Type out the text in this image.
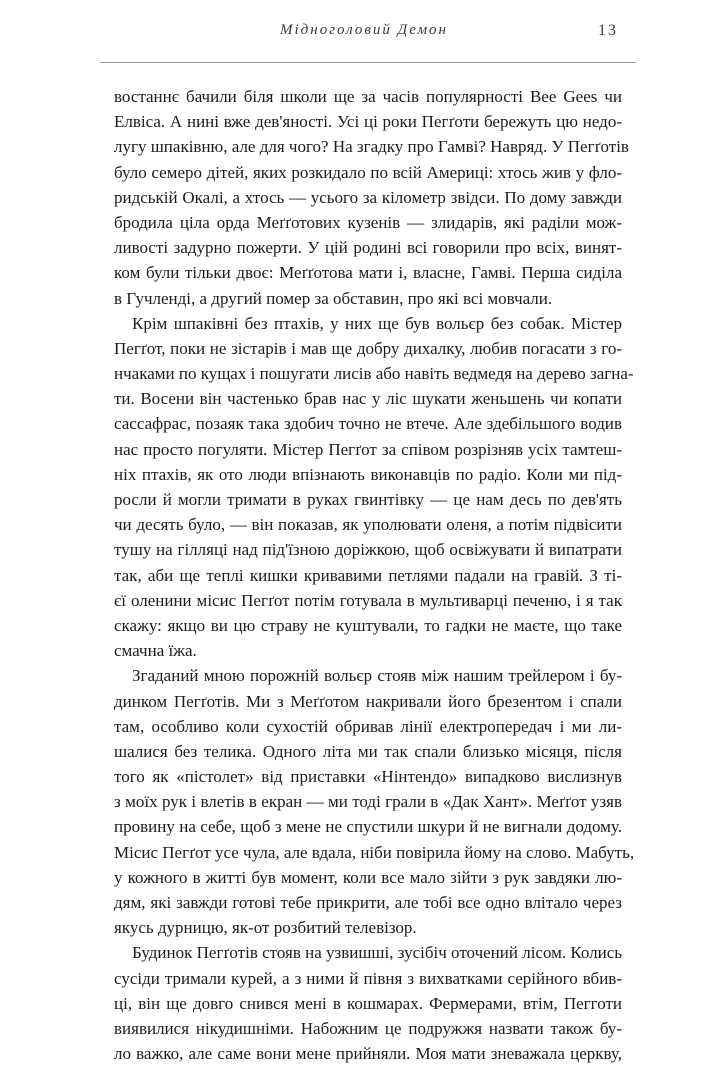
Мідноголовий Демон	13
востаннє бачили біля школи ще за часів популярності Bee Gees чи
Елвіса. А нині вже дев'яності. Усі ці роки Пегґоти бережуть цю недо-
лугу шпаківню, але для чого? На згадку про Гамві? Навряд. У Пегґотів
було семеро дітей, яких розкидало по всій Америці: хтось жив у фло-
ридській Окалі, а хтось — усього за кілометр звідси. По дому завжди
бродила ціла орда Меґґотових кузенів — злидарів, які раділи мож-
ливості задурно пожерти. У цій родині всі говорили про всіх, винят-
ком були тільки двоє: Меґґотова мати і, власне, Гамві. Перша сиділа
в Гучленді, а другий помер за обставин, про які всі мовчали.
Крім шпаківні без птахів, у них ще був вольєр без собак. Містер
Пегґот, поки не зістарів і мав ще добру дихалку, любив погасати з го-
нчаками по кущах і пошугати лисів або навіть ведмедя на дерево загна-
ти. Восени він частенько брав нас у ліс шукати женьшень чи копати
сассафрас, позаяк така здобич точно не втече. Але здебільшого водив
нас просто погуляти. Містер Пегґот за співом розрізняв усіх тамтеш-
ніх птахів, як ото люди впізнають виконавців по радіо. Коли ми під-
росли й могли тримати в руках гвинтівку — це нам десь по дев'ять
чи десять було, — він показав, як уполювати оленя, а потім підвісити
тушу на гілляці над під'їзною доріжкою, щоб освіжувати й випатрати
так, аби ще теплі кишки кривавими петлями падали на гравій. З ті-
єї оленини місис Пегґот потім готувала в мультиварці печеню, і я так
скажу: якщо ви цю страву не куштували, то гадки не маєте, що таке
смачна їжа.
Згаданий мною порожній вольєр стояв між нашим трейлером і бу-
динком Пегґотів. Ми з Меґґотом накривали його брезентом і спали
там, особливо коли сухостій обривав лінії електропередач і ми ли-
шалися без телика. Одного літа ми так спали близько місяця, після
того як «пістолет» від приставки «Нінтендо» випадково вислизнув
з моїх рук і влетів в екран — ми тоді грали в «Дак Хант». Меґґот узяв
провину на себе, щоб з мене не спустили шкури й не вигнали додому.
Місис Пегґот усе чула, але вдала, ніби повірила йому на слово. Мабуть,
у кожного в житті був момент, коли все мало зійти з рук завдяки лю-
дям, які завжди готові тебе прикрити, але тобі все одно влітало через
якусь дурницю, як-от розбитий телевізор.
Будинок Пегґотів стояв на узвишші, зусібіч оточений лісом. Колись
сусіди тримали курей, а з ними й півня з вихватками серійного вбив-
ці, він ще довго снився мені в кошмарах. Фермерами, втім, Пегготи
виявилися нікудишніми. Набожним це подружжя назвати також бу-
ло важко, але саме вони мене прийняли. Моя мати зневажала церкву,
